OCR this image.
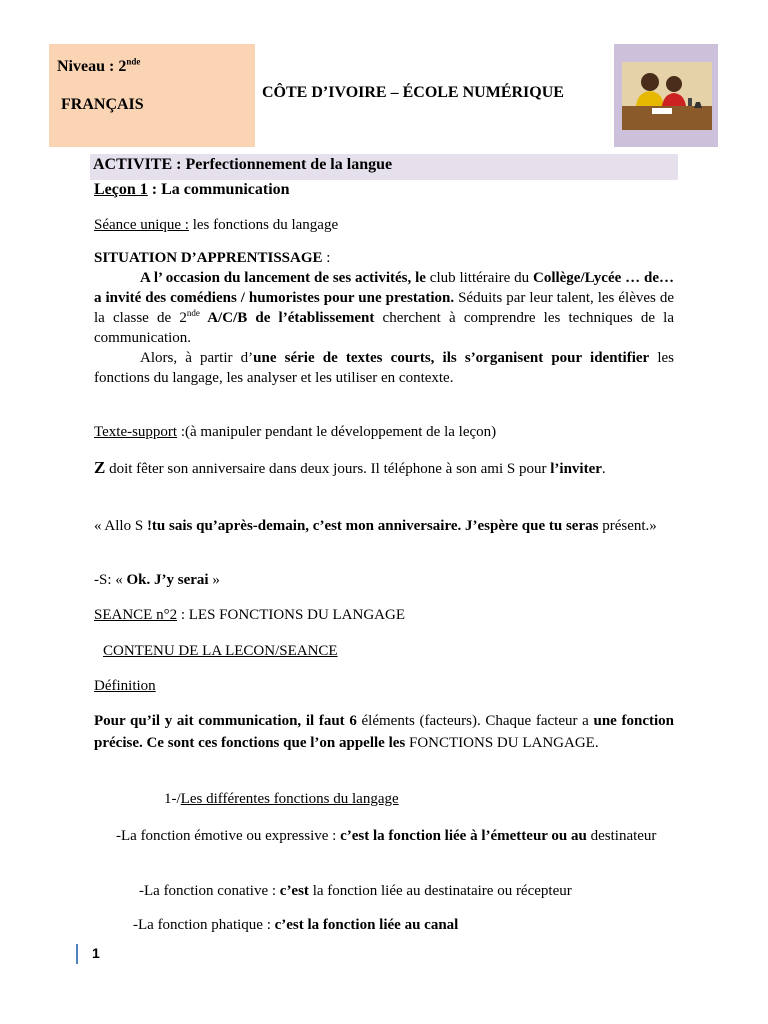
Niveau : 2nde
FRANÇAIS
CÔTE D’IVOIRE – ÉCOLE NUMÉRIQUE
ACTIVITE : Perfectionnement de la langue
Leçon 1 : La communication
Séance unique : les fonctions du langage
SITUATION D’APPRENTISSAGE :
A l’ occasion du lancement de ses activités, le club littéraire du Collège/Lycée … de… a invité des comédiens / humoristes pour une prestation. Séduits par leur talent, les élèves de la classe de 2nde A/C/B de l’établissement cherchent à comprendre les techniques de la communication.
Alors, à partir d’une série de textes courts, ils s’organisent pour identifier les fonctions du langage, les analyser et les utiliser en contexte.
Texte-support :(à manipuler pendant le développement de la leçon)
Z doit fêter son anniversaire dans deux jours. Il téléphone à son ami S pour l’inviter.
« Allo S !tu sais qu’après-demain, c’est mon anniversaire. J’espère que tu seras présent.»
-S: « Ok. J’y serai »
SEANCE n°2 : LES FONCTIONS DU LANGAGE
CONTENU DE LA LECON/SEANCE
Définition
Pour qu’il y ait communication, il faut 6 éléments (facteurs). Chaque facteur a une fonction précise. Ce sont ces fonctions que l’on appelle les FONCTIONS DU LANGAGE.
1-/Les différentes fonctions du langage
-La fonction émotive ou expressive : c’est la fonction liée à l’émetteur ou au destinateur
-La fonction conative : c’est la fonction liée au destinataire ou récepteur
-La fonction phatique : c’est la fonction liée au canal
1
